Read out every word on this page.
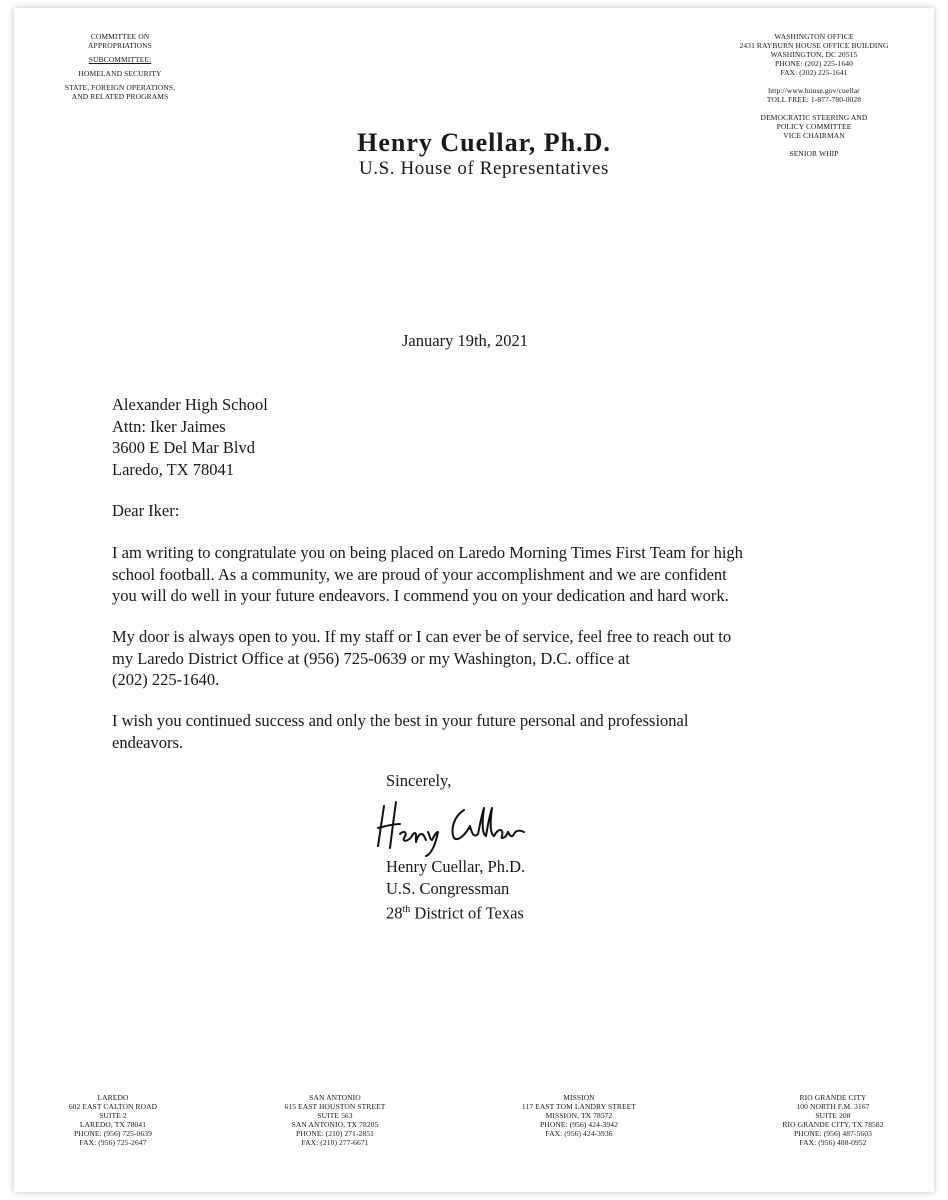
COMMITTEE ON
APPROPRIATIONS
SUBCOMMITTEE:
HOMELAND SECURITY
STATE, FOREIGN OPERATIONS,
AND RELATED PROGRAMS
WASHINGTON OFFICE
2431 RAYBURN HOUSE OFFICE BUILDING
WASHINGTON, DC 20515
PHONE: (202) 225-1640
FAX: (202) 225-1641
http://www.house.gov/cuellar
TOLL FREE: 1-877-780-0028
DEMOCRATIC STEERING AND
POLICY COMMITTEE
VICE CHAIRMAN
SENIOR WHIP
Henry Cuellar, Ph.D.
U.S. House of Representatives
January 19th, 2021
Alexander High School
Attn: Iker Jaimes
3600 E Del Mar Blvd
Laredo, TX 78041
Dear Iker:
I am writing to congratulate you on being placed on Laredo Morning Times First Team for high
school football. As a community, we are proud of your accomplishment and we are confident
you will do well in your future endeavors. I commend you on your dedication and hard work.
My door is always open to you. If my staff or I can ever be of service, feel free to reach out to
my Laredo District Office at (956) 725-0639 or my Washington, D.C. office at
(202) 225-1640.
I wish you continued success and only the best in your future personal and professional
endeavors.
Sincerely,
Henry Cuellar, Ph.D.
U.S. Congressman
28th District of Texas
LAREDO
602 EAST CALTON ROAD
SUITE 2
LAREDO, TX 78041
PHONE: (956) 725-0639
FAX: (956) 725-2647
SAN ANTONIO
615 EAST HOUSTON STREET
SUITE 563
SAN ANTONIO, TX 78205
PHONE: (210) 271-2851
FAX: (210) 277-6671
MISSION
117 EAST TOM LANDRY STREET
MISSION, TX 78572
PHONE: (956) 424-3942
FAX: (956) 424-3936
RIO GRANDE CITY
100 NORTH F.M. 3167
SUITE 208
RIO GRANDE CITY, TX 78582
PHONE: (956) 487-5603
FAX: (956) 488-0952
